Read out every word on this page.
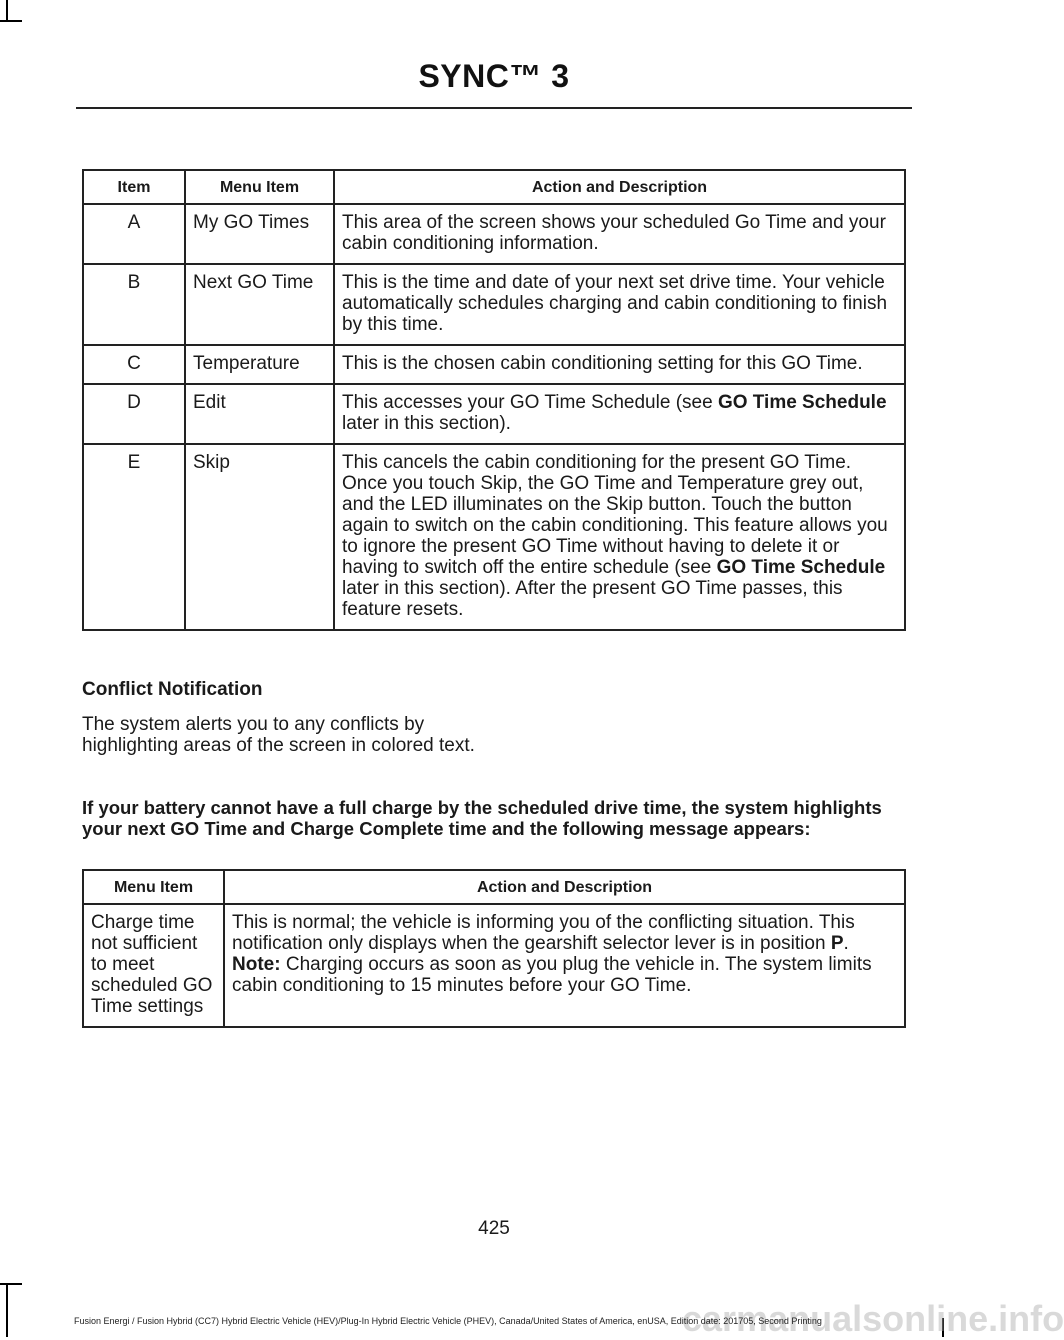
SYNC™ 3
Item	Menu Item	Action and Description
A	My GO Times	This area of the screen shows your scheduled Go Time and your cabin conditioning information.
B	Next GO Time	This is the time and date of your next set drive time. Your vehicle automatically schedules charging and cabin conditioning to finish by this time.
C	Temperature	This is the chosen cabin conditioning setting for this GO Time.
D	Edit	This accesses your GO Time Schedule (see GO Time Schedule later in this section).
E	Skip	This cancels the cabin conditioning for the present GO Time. Once you touch Skip, the GO Time and Temperature grey out, and the LED illuminates on the Skip button. Touch the button again to switch on the cabin conditioning. This feature allows you to ignore the present GO Time without having to delete it or having to switch off the entire schedule (see GO Time Schedule later in this section). After the present GO Time passes, this feature resets.
Conflict Notification
The system alerts you to any conflicts by highlighting areas of the screen in colored text.
If your battery cannot have a full charge by the scheduled drive time, the system highlights your next GO Time and Charge Complete time and the following message appears:
Menu Item	Action and Description
Charge time not sufficient to meet scheduled GO Time settings	This is normal; the vehicle is informing you of the conflicting situation. This notification only displays when the gearshift selector lever is in position P.
Note: Charging occurs as soon as you plug the vehicle in. The system limits cabin conditioning to 15 minutes before your GO Time.
425
carmanualsonline.info
Fusion Energi / Fusion Hybrid (CC7) Hybrid Electric Vehicle (HEV)/Plug-In Hybrid Electric Vehicle (PHEV), Canada/United States of America, enUSA, Edition date: 201705, Second Printing
